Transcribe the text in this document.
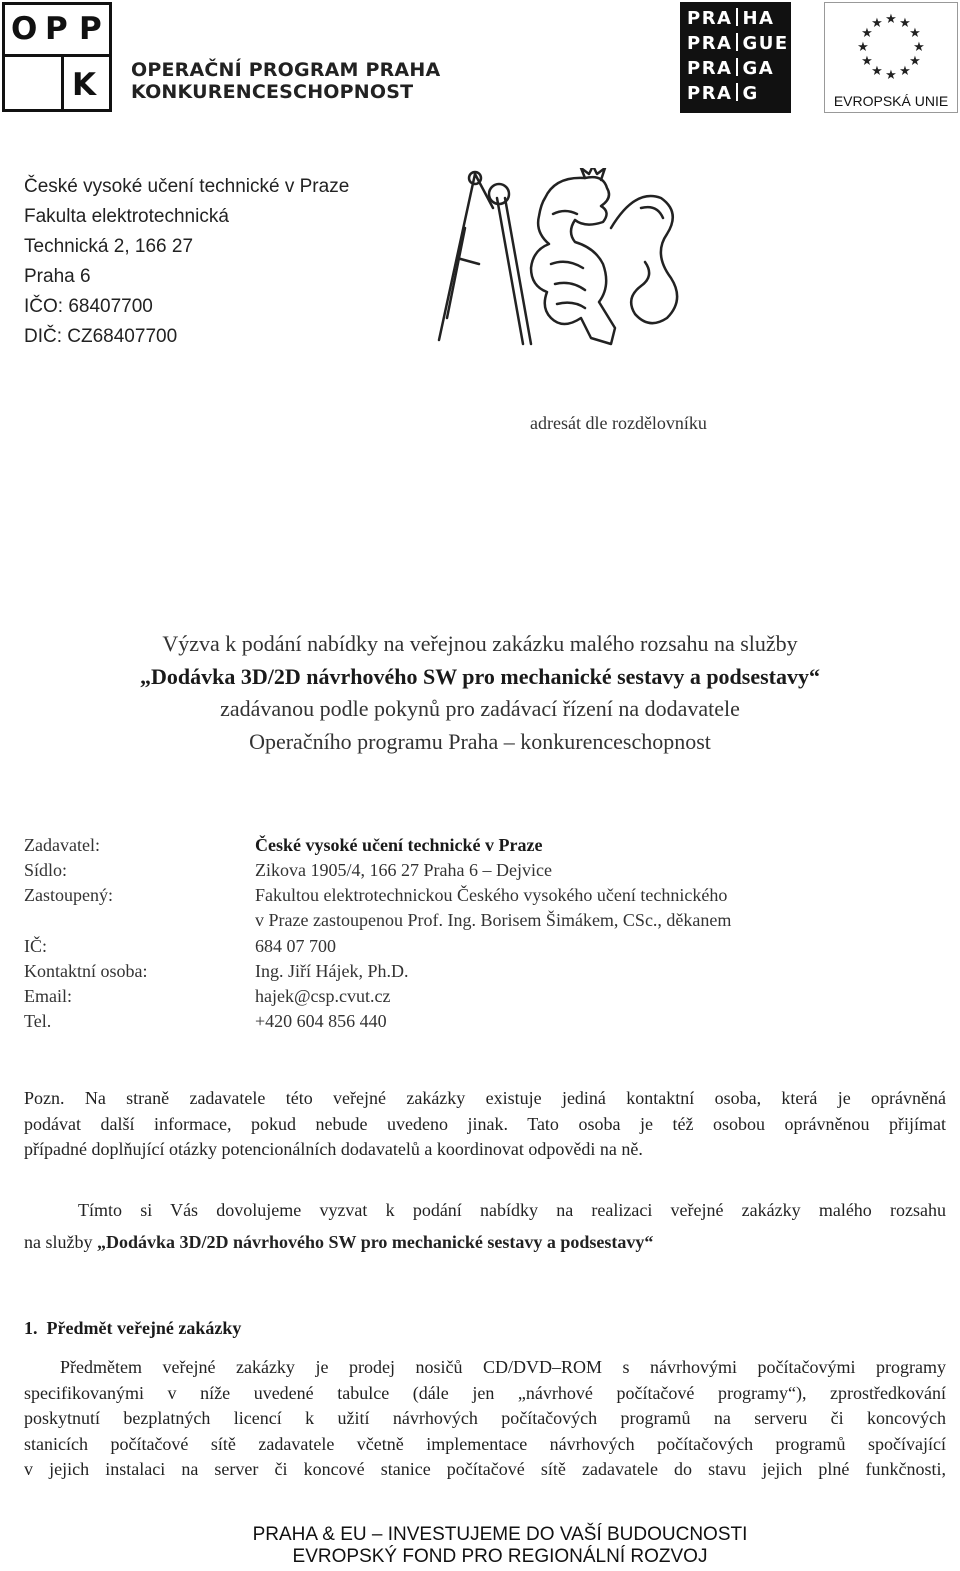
O P P
K OPERAČNÍ PROGRAM PRAHA
KONKURENCESCHOPNOST
PRA HA
PRA GUE
PRA GA
PRA G
★ ★
★
★
★
★
★
★
★
★
★
★
EVROPSKÁ UNIE
České vysoké učení technické v Praze
Fakulta elektrotechnická
Technická 2, 166 27
Praha 6
IČO: 68407700
DIČ: CZ68407700
adresát dle rozdělovníku
Výzva k podání nabídky na veřejnou zakázku malého rozsahu na služby
„Dodávka 3D/2D návrhového SW pro mechanické sestavy a podsestavy“
zadávanou podle pokynů pro zadávací řízení na dodavatele
Operačního programu Praha – konkurenceschopnost
Zadavatel:	České vysoké učení technické v Praze
Sídlo:	Zikova 1905/4, 166 27 Praha 6 – Dejvice
Zastoupený:	Fakultou elektrotechnickou Českého vysokého učení technického
v Praze zastoupenou Prof. Ing. Borisem Šimákem, CSc., děkanem
IČ:	684 07 700
Kontaktní osoba:	Ing. Jiří Hájek, Ph.D.
Email:	hajek@csp.cvut.cz
Tel.	+420 604 856 440
Pozn. Na straně zadavatele této veřejné zakázky existuje jediná kontaktní osoba, která je oprávněná
podávat další informace, pokud nebude uvedeno jinak. Tato osoba je též osobou oprávněnou přijímat
případné doplňující otázky potencionálních dodavatelů a koordinovat odpovědi na ně.
Tímto si Vás dovolujeme vyzvat k podání nabídky na realizaci veřejné zakázky malého rozsahu
na služby „Dodávka 3D/2D návrhového SW pro mechanické sestavy a podsestavy“
1.  Předmět veřejné zakázky
Předmětem veřejné zakázky je prodej nosičů CD/DVD–ROM s návrhovými počítačovými programy
specifikovanými v níže uvedené tabulce (dále jen „návrhové počítačové programy“), zprostředkování
poskytnutí bezplatných licencí k užití návrhových počítačových programů na serveru či koncových
stanicích počítačové sítě zadavatele včetně implementace návrhových počítačových programů spočívající
v jejich instalaci na server či koncové stanice počítačové sítě zadavatele do stavu jejich plné funkčnosti,
PRAHA & EU – INVESTUJEME DO VAŠÍ BUDOUCNOSTI
EVROPSKÝ FOND PRO REGIONÁLNÍ ROZVOJ
